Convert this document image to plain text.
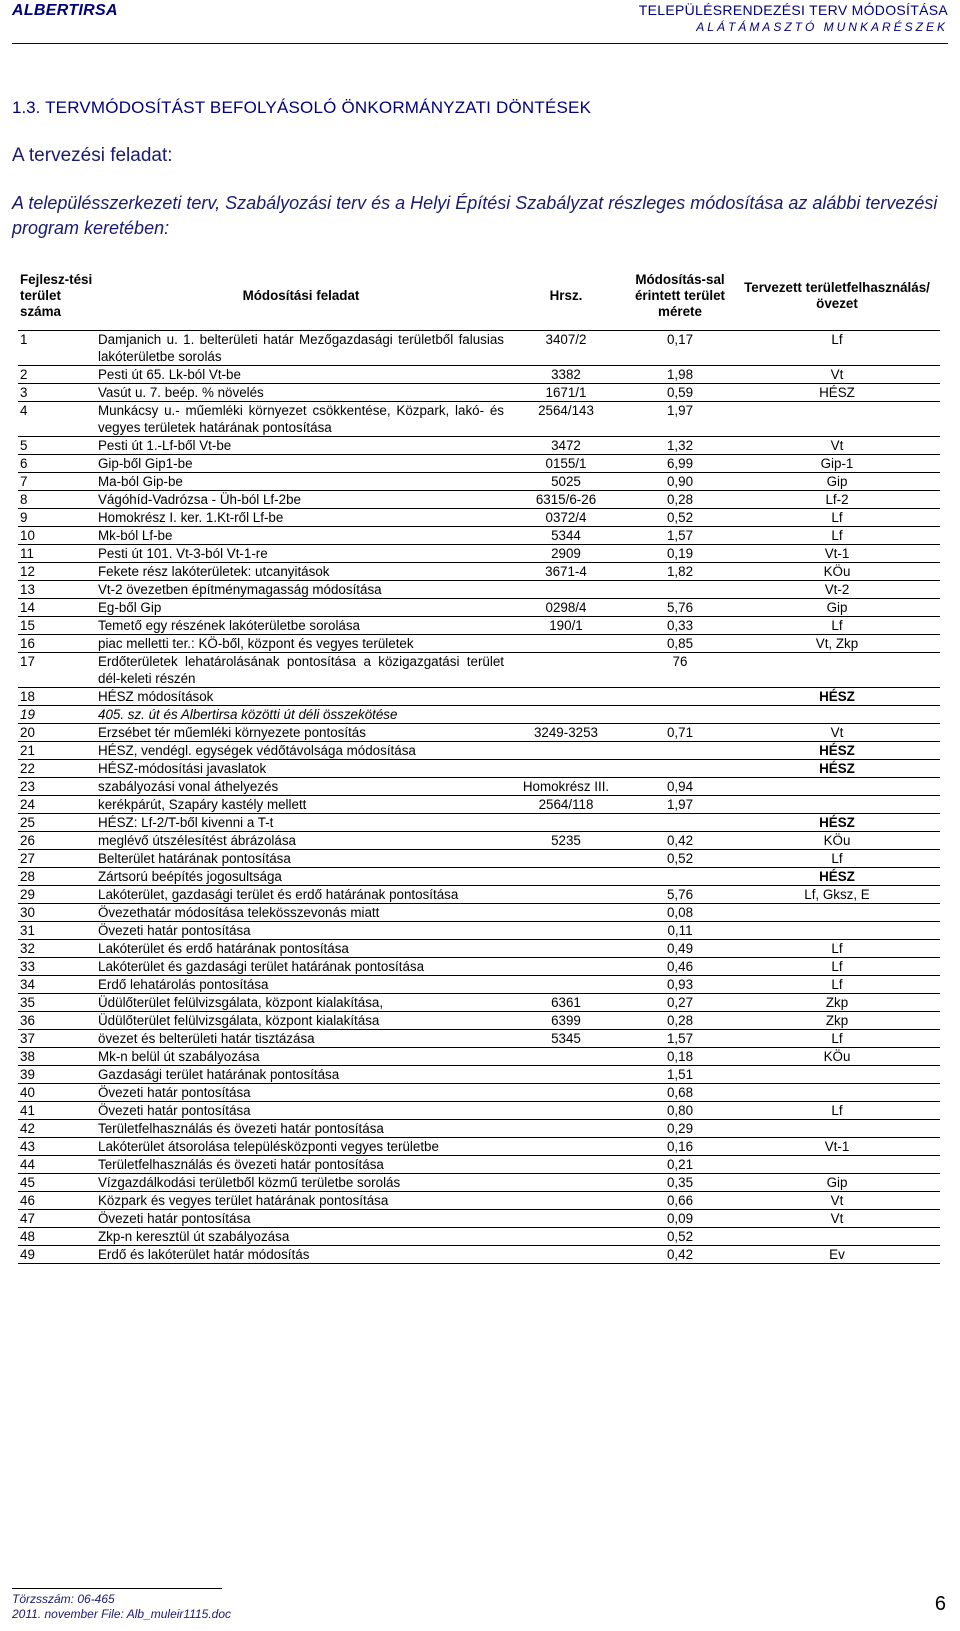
ALBERTIRSA	TELEPÜLÉSRENDEZÉSI TERV MÓDOSÍTÁSA
ALÁTÁMASZTÓ MUNKARÉSZEK
1.3. TERVMÓDOSÍTÁST BEFOLYÁSOLÓ ÖNKORMÁNYZATI DÖNTÉSEK
A tervezési feladat:
A településszerkezeti terv, Szabályozási terv és a Helyi Építési Szabályzat részleges módosítása az alábbi tervezési program keretében:
Fejlesz-tési terület száma	Módosítási feladat	Hrsz.	Módosítás-sal érintett terület mérete	Tervezett területfelhasználás/ övezet
1	Damjanich u. 1. belterületi határ Mezőgazdasági területből falusias lakóterületbe sorolás	3407/2	0,17	Lf
2	Pesti út 65. Lk-ból Vt-be	3382	1,98	Vt
3	Vasút u. 7. beép. % növelés	1671/1	0,59	HÉSZ
4	Munkácsy u.- műemléki környezet csökkentése, Közpark, lakó- és vegyes területek határának pontosítása	2564/143	1,97	
5	Pesti út 1.-Lf-ből Vt-be	3472	1,32	Vt
6	Gip-ből Gip1-be	0155/1	6,99	Gip-1
7	Ma-ból Gip-be	5025	0,90	Gip
8	Vágóhíd-Vadrózsa - Üh-ból Lf-2be	6315/6-26	0,28	Lf-2
9	Homokrész I. ker. 1.Kt-ről Lf-be	0372/4	0,52	Lf
10	Mk-ból Lf-be	5344	1,57	Lf
11	Pesti út 101. Vt-3-ból Vt-1-re	2909	0,19	Vt-1
12	Fekete rész lakóterületek: utcanyitások	3671-4	1,82	KÖu
13	Vt-2 övezetben építménymagasság módosítása			Vt-2
14	Eg-ből Gip	0298/4	5,76	Gip
15	Temető egy részének lakóterületbe sorolása	190/1	0,33	Lf
16	piac melletti ter.: KÖ-ből, központ és vegyes területek		0,85	Vt, Zkp
17	Erdőterületek lehatárolásának pontosítása a közigazgatási terület dél-keleti részén		76	
18	HÉSZ módosítások			HÉSZ
19	405. sz. út és Albertirsa közötti út déli összekötése			
20	Erzsébet tér műemléki környezete pontosítás	3249-3253	0,71	Vt
21	HÉSZ, vendégl. egységek védőtávolsága módosítása			HÉSZ
22	HÉSZ-módosítási javaslatok			HÉSZ
23	szabályozási vonal áthelyezés	Homokrész III.	0,94	
24	kerékpárút, Szapáry kastély mellett	2564/118	1,97	
25	HÉSZ: Lf-2/T-ből kivenni a T-t			HÉSZ
26	meglévő útszélesítést ábrázolása	5235	0,42	KÖu
27	Belterület határának pontosítása		0,52	Lf
28	Zártsorú beépítés jogosultsága			HÉSZ
29	Lakóterület, gazdasági terület és erdő határának pontosítása		5,76	Lf, Gksz, E
30	Övezethatár módosítása telekösszevonás miatt		0,08	
31	Övezeti határ pontosítása		0,11	
32	Lakóterület és erdő határának pontosítása		0,49	Lf
33	Lakóterület és gazdasági terület határának pontosítása		0,46	Lf
34	Erdő lehatárolás pontosítása		0,93	Lf
35	Üdülőterület felülvizsgálata, központ kialakítása,	6361	0,27	Zkp
36	Üdülőterület felülvizsgálata, központ kialakítása	6399	0,28	Zkp
37	övezet és belterületi határ tisztázása	5345	1,57	Lf
38	Mk-n belül út szabályozása		0,18	KÖu
39	Gazdasági terület határának pontosítása		1,51	
40	Övezeti határ pontosítása		0,68	
41	Övezeti határ pontosítása		0,80	Lf
42	Területfelhasználás és övezeti határ pontosítása		0,29	
43	Lakóterület átsorolása településközponti vegyes területbe		0,16	Vt-1
44	Területfelhasználás és övezeti határ pontosítása		0,21	
45	Vízgazdálkodási területből közmű területbe sorolás		0,35	Gip
46	Közpark és vegyes terület határának pontosítása		0,66	Vt
47	Övezeti határ pontosítása		0,09	Vt
48	Zkp-n keresztül út szabályozása		0,52	
49	Erdő és lakóterület határ módosítás		0,42	Ev
Törzsszám: 06-465
2011. november File: Alb_muleir1115.doc	6
